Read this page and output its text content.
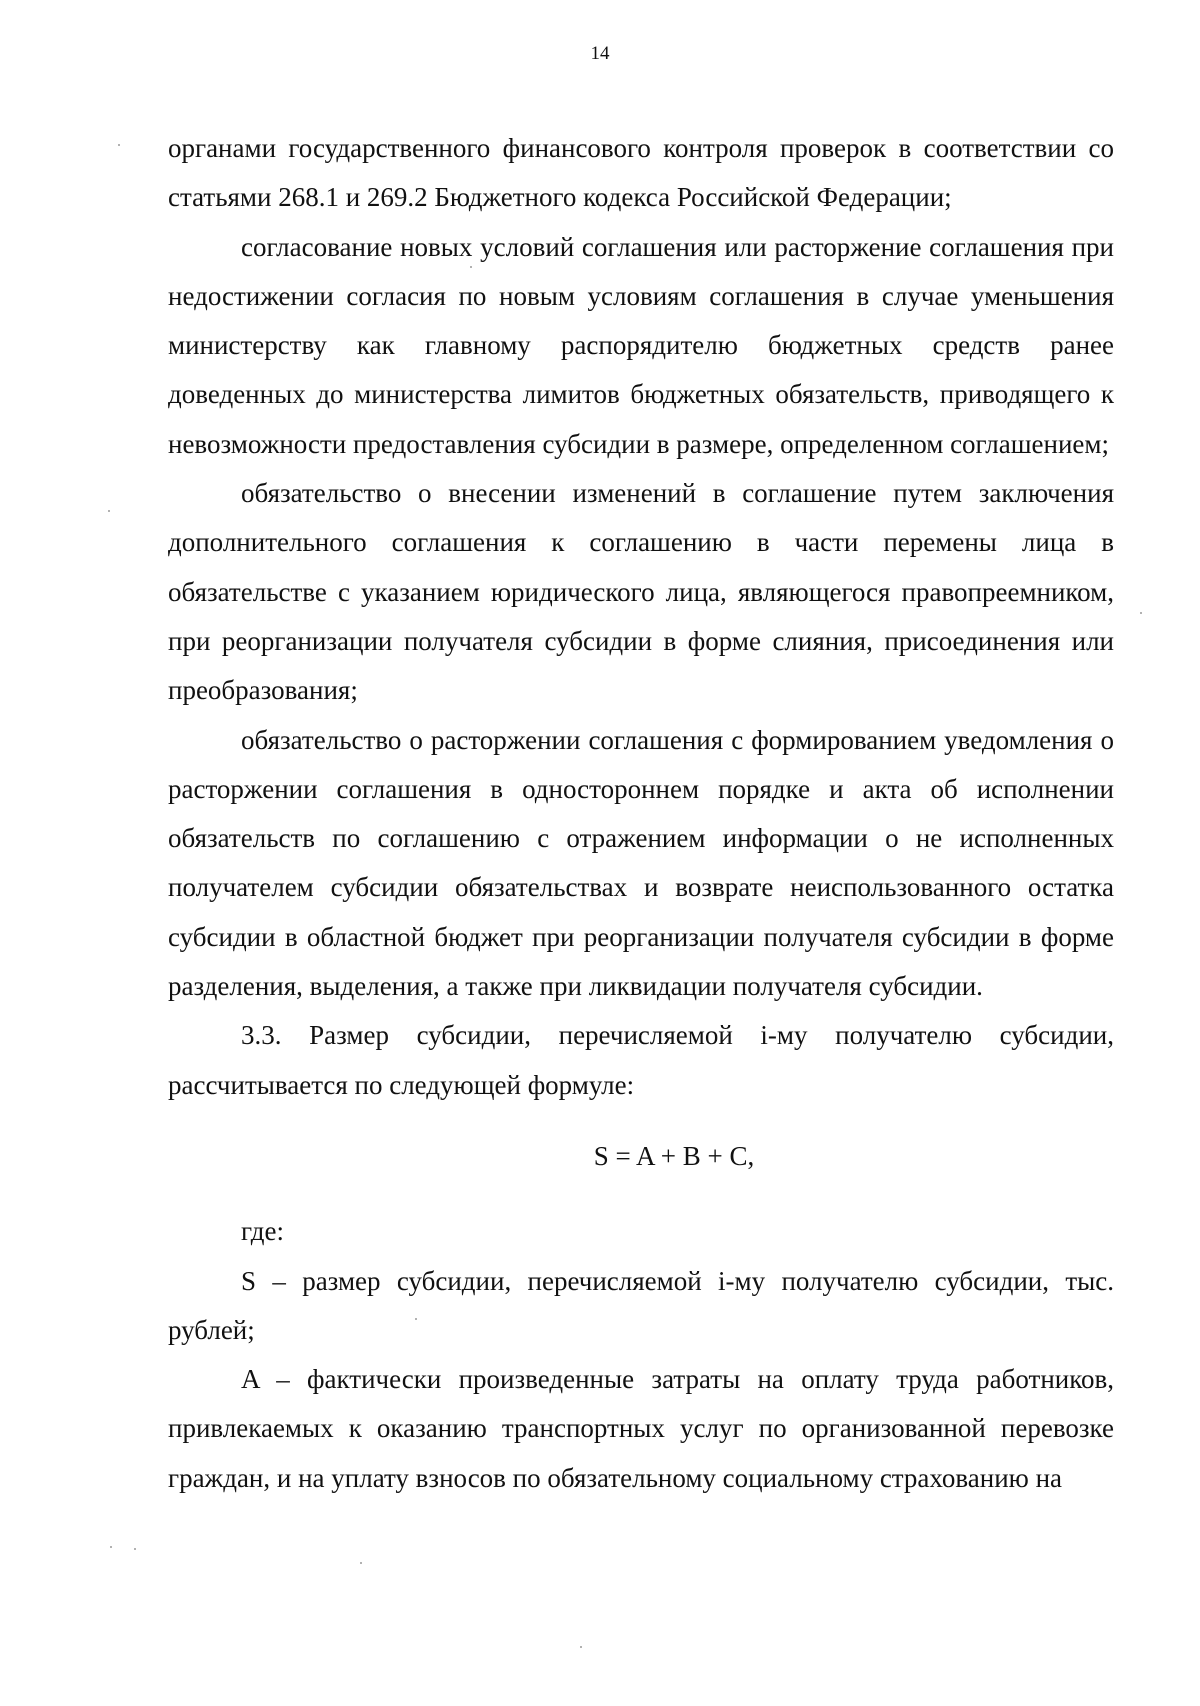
14

органами государственного финансового контроля проверок в соответствии со статьями 268.1 и 269.2 Бюджетного кодекса Российской Федерации;

согласование новых условий соглашения или расторжение соглашения при недостижении согласия по новым условиям соглашения в случае уменьшения министерству как главному распорядителю бюджетных средств ранее доведенных до министерства лимитов бюджетных обязательств, приводящего к невозможности предоставления субсидии в размере, определенном соглашением;

обязательство о внесении изменений в соглашение путем заключения дополнительного соглашения к соглашению в части перемены лица в обязательстве с указанием юридического лица, являющегося правопреемником, при реорганизации получателя субсидии в форме слияния, присоединения или преобразования;

обязательство о расторжении соглашения с формированием уведомления о расторжении соглашения в одностороннем порядке и акта об исполнении обязательств по соглашению с отражением информации о не исполненных получателем субсидии обязательствах и возврате неиспользованного остатка субсидии в областной бюджет при реорганизации получателя субсидии в форме разделения, выделения, а также при ликвидации получателя субсидии.

3.3. Размер субсидии, перечисляемой i-му получателю субсидии, рассчитывается по следующей формуле:

S = A + B + C,

где:

S – размер субсидии, перечисляемой i-му получателю субсидии, тыс. рублей;

A – фактически произведенные затраты на оплату труда работников, привлекаемых к оказанию транспортных услуг по организованной перевозке граждан, и на уплату взносов по обязательному социальному страхованию на
